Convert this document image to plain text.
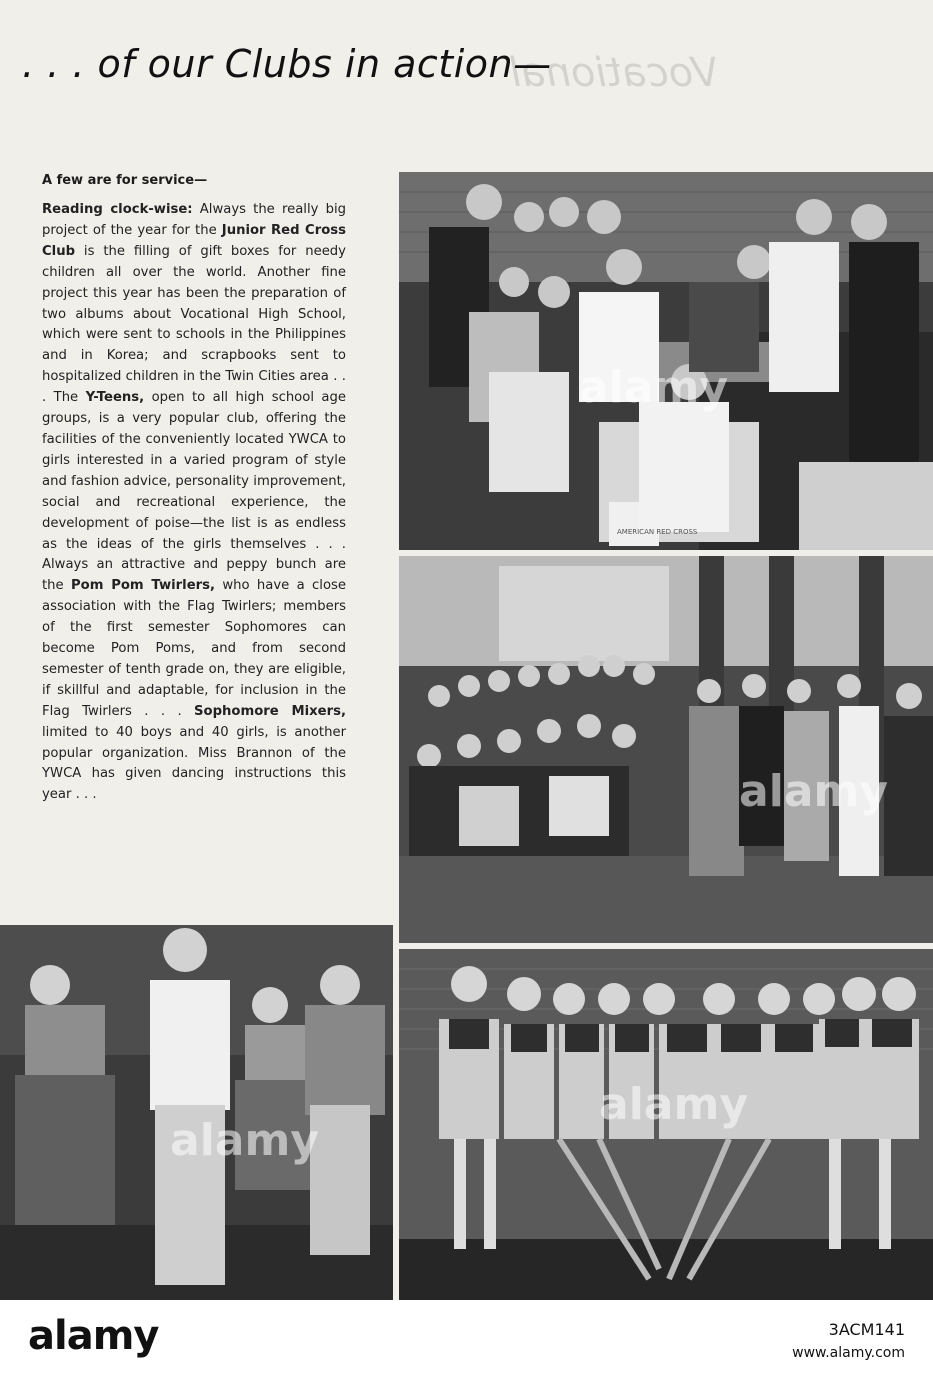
Vocational
. . . of our Clubs in action—
A few are for service—

Reading clock-wise: Always the really big project of the year for the Junior Red Cross Club is the filling of gift boxes for needy children all over the world. Another fine project this year has been the preparation of two albums about Vocational High School, which were sent to schools in the Philippines and in Korea; and scrapbooks sent to hospitalized children in the Twin Cities area . . . The Y-Teens, open to all high school age groups, is a very popular club, offering the facilities of the conveniently located YWCA to girls interested in a varied program of style and fashion advice, personality improvement, social and recreational experience, the development of poise—the list is as endless as the ideas of the girls themselves . . . Always an attractive and peppy bunch are the Pom Pom Twirlers, who have a close association with the Flag Twirlers; members of the first semester Sophomores can become Pom Poms, and from second semester of tenth grade on, they are eligible, if skillful and adaptable, for inclusion in the Flag Twirlers . . . Sophomore Mixers, limited to 40 boys and 40 girls, is another popular organization. Miss Brannon of the YWCA has given dancing instructions this year . . .

AMERICAN RED CROSS
alamy
alamy
alamy
alamy
alamy	3ACM141
www.alamy.com
